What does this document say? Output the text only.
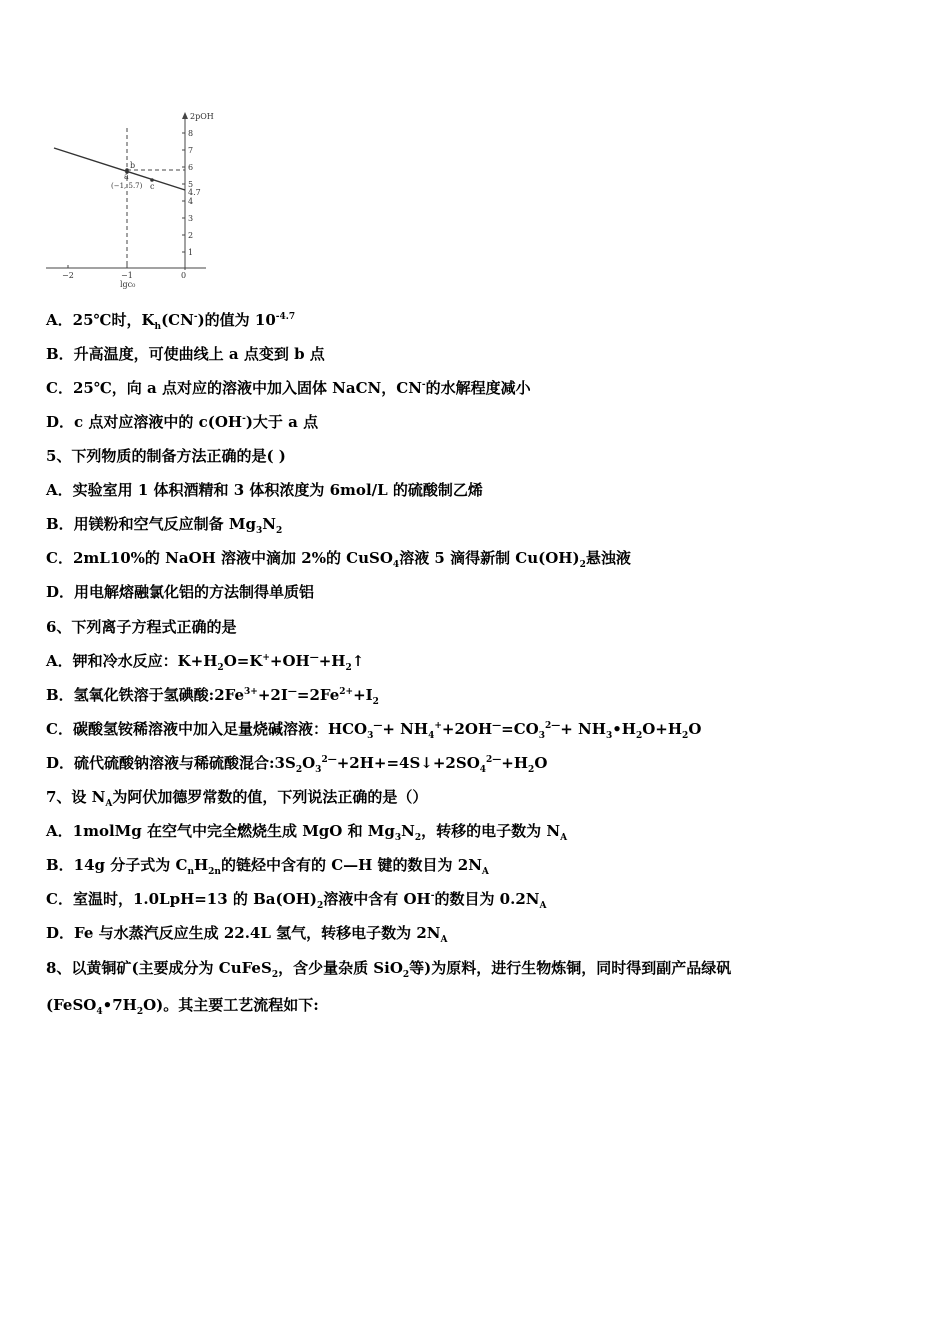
8
7
6
5
4
3
2
1
0
−2	−1
2pOH
lgc₀
b
a
c
(−1, 5.7)
4.7
A．25℃时，$K_h(CN^-)$的值为 $10^{-4.7}$
B．升高温度，可使曲线上 a 点变到 b 点
C．25℃，向 a 点对应的溶液中加入固体 NaCN，CN-的水解程度减小
D．c 点对应溶液中的 c(OH-)大于 a 点
5、下列物质的制备方法正确的是( )
A．实验室用 1 体积酒精和 3 体积浓度为 6mol/L 的硫酸制乙烯
B．用镁粉和空气反应制备 $Mg_3N_2$
C．2mL10%的 NaOH 溶液中滴加 2%的 CuSO$_4$溶液 5 滴得新制 $Cu(OH)_2$悬浊液
D．用电解熔融氯化铝的方法制得单质铝
6、下列离子方程式正确的是
A．钾和冷水反应：$K+H_2O=K^++OH^—+H_2↑$
B．氢氧化铁溶于氢碘酸$:2Fe^{3+}+2I^—=2Fe^{2+}+I_2$
C．碳酸氢铵稀溶液中加入足量烧碱溶液：$HCO_3^—+ NH_4^++2OH^—=CO_3^{2—}+$ $NH_3•H_2O+H_2O$
D．硫代硫酸钠溶液与稀硫酸混合$:3S_2O_3^{2—}+2H+=4S↓+2SO_4^{2—}+H_2O$
7、设 $N_A$为阿伏加德罗常数的值，下列说法正确的是（）
A．1molMg 在空气中完全燃烧生成 MgO 和 $Mg_3N_2$，转移的电子数为 $N_A$
B．14g 分子式为 $C_nH_{2n}$的链烃中含有的 C—H 键的数目为 $2N_A$
C．室温时，1.0LpH=13 的 $Ba(OH)_2$溶液中含有 OH-的数目为 $0.2N_A$
D．Fe 与水蒸汽反应生成 22.4L 氢气，转移电子数为 $2N_A$
8、以黄铜矿(主要成分为 CuFeS$_2$，含少量杂质 SiO$_2$等)为原料，进行生物炼铜，同时得到副产品绿矾
$(FeSO_4•7H_2O)$。其主要工艺流程如下:
